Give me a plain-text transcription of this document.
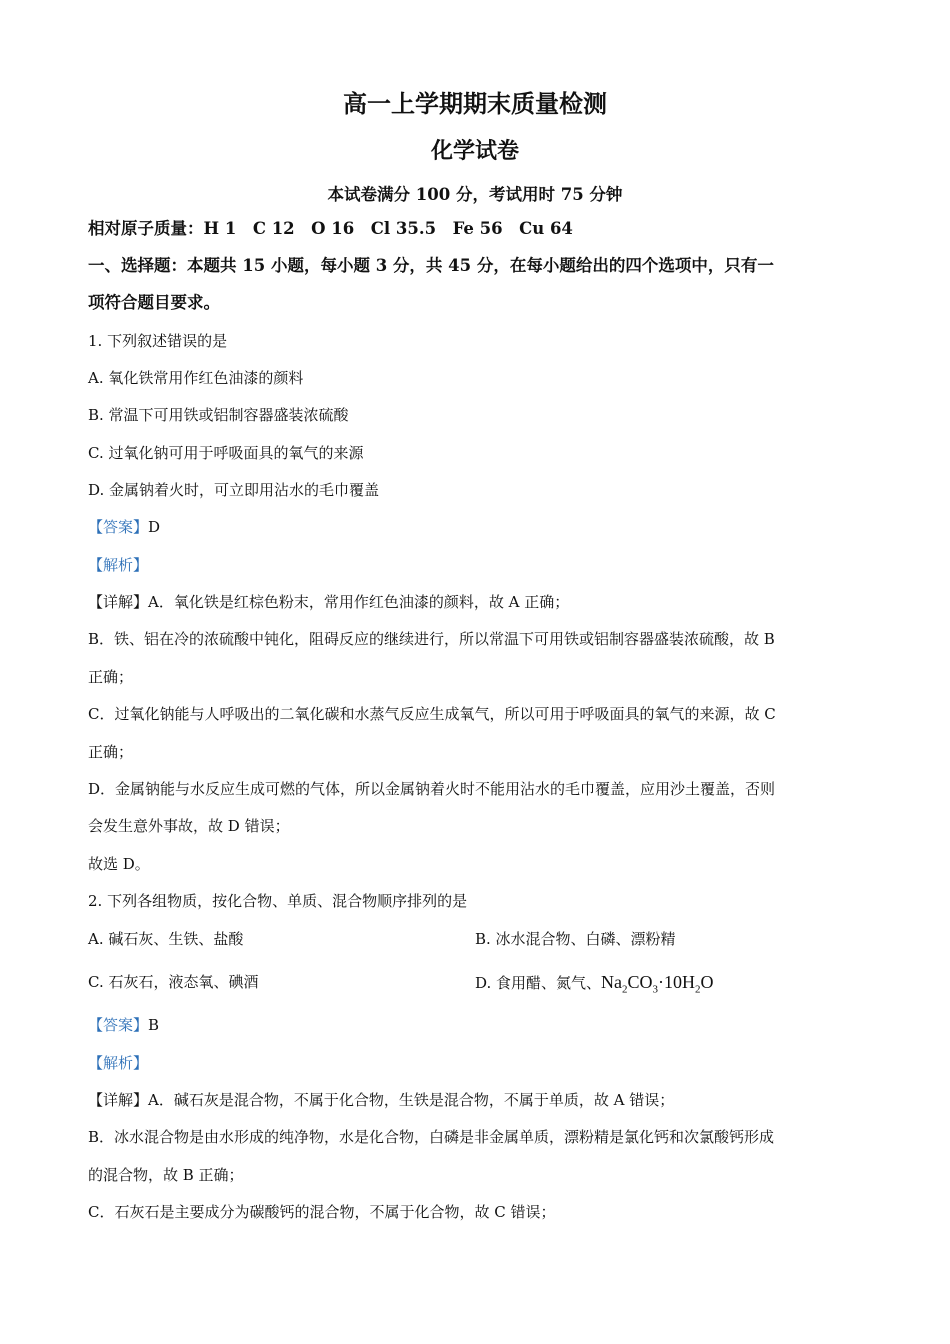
高一上学期期末质量检测
化学试卷
本试卷满分 100 分，考试用时 75 分钟
相对原子质量：H 1　C 12　O 16　Cl 35.5　Fe 56　Cu 64
一、选择题：本题共 15 小题，每小题 3 分，共 45 分，在每小题给出的四个选项中，只有一
项符合题目要求。
1. 下列叙述错误的是
A. 氧化铁常用作红色油漆的颜料
B. 常温下可用铁或铝制容器盛装浓硫酸
C. 过氧化钠可用于呼吸面具的氧气的来源
D. 金属钠着火时，可立即用沾水的毛巾覆盖
【答案】D
【解析】
【详解】A．氧化铁是红棕色粉末，常用作红色油漆的颜料，故 A 正确；
B．铁、铝在冷的浓硫酸中钝化，阻碍反应的继续进行，所以常温下可用铁或铝制容器盛装浓硫酸，故 B
正确；
C．过氧化钠能与人呼吸出的二氧化碳和水蒸气反应生成氧气，所以可用于呼吸面具的氧气的来源，故 C
正确；
D．金属钠能与水反应生成可燃的气体，所以金属钠着火时不能用沾水的毛巾覆盖，应用沙土覆盖，否则
会发生意外事故，故 D 错误；
故选 D。
2. 下列各组物质，按化合物、单质、混合物顺序排列的是
A. 碱石灰、生铁、盐酸	B. 冰水混合物、白磷、漂粉精
C. 石灰石，液态氧、碘酒	D. 食用醋、氮气、$Na_2CO_3\cdot 10H_2O$
【答案】B
【解析】
【详解】A．碱石灰是混合物，不属于化合物，生铁是混合物，不属于单质，故 A 错误；
B．冰水混合物是由水形成的纯净物，水是化合物，白磷是非金属单质，漂粉精是氯化钙和次氯酸钙形成
的混合物，故 B 正确；
C．石灰石是主要成分为碳酸钙的混合物，不属于化合物，故 C 错误；
